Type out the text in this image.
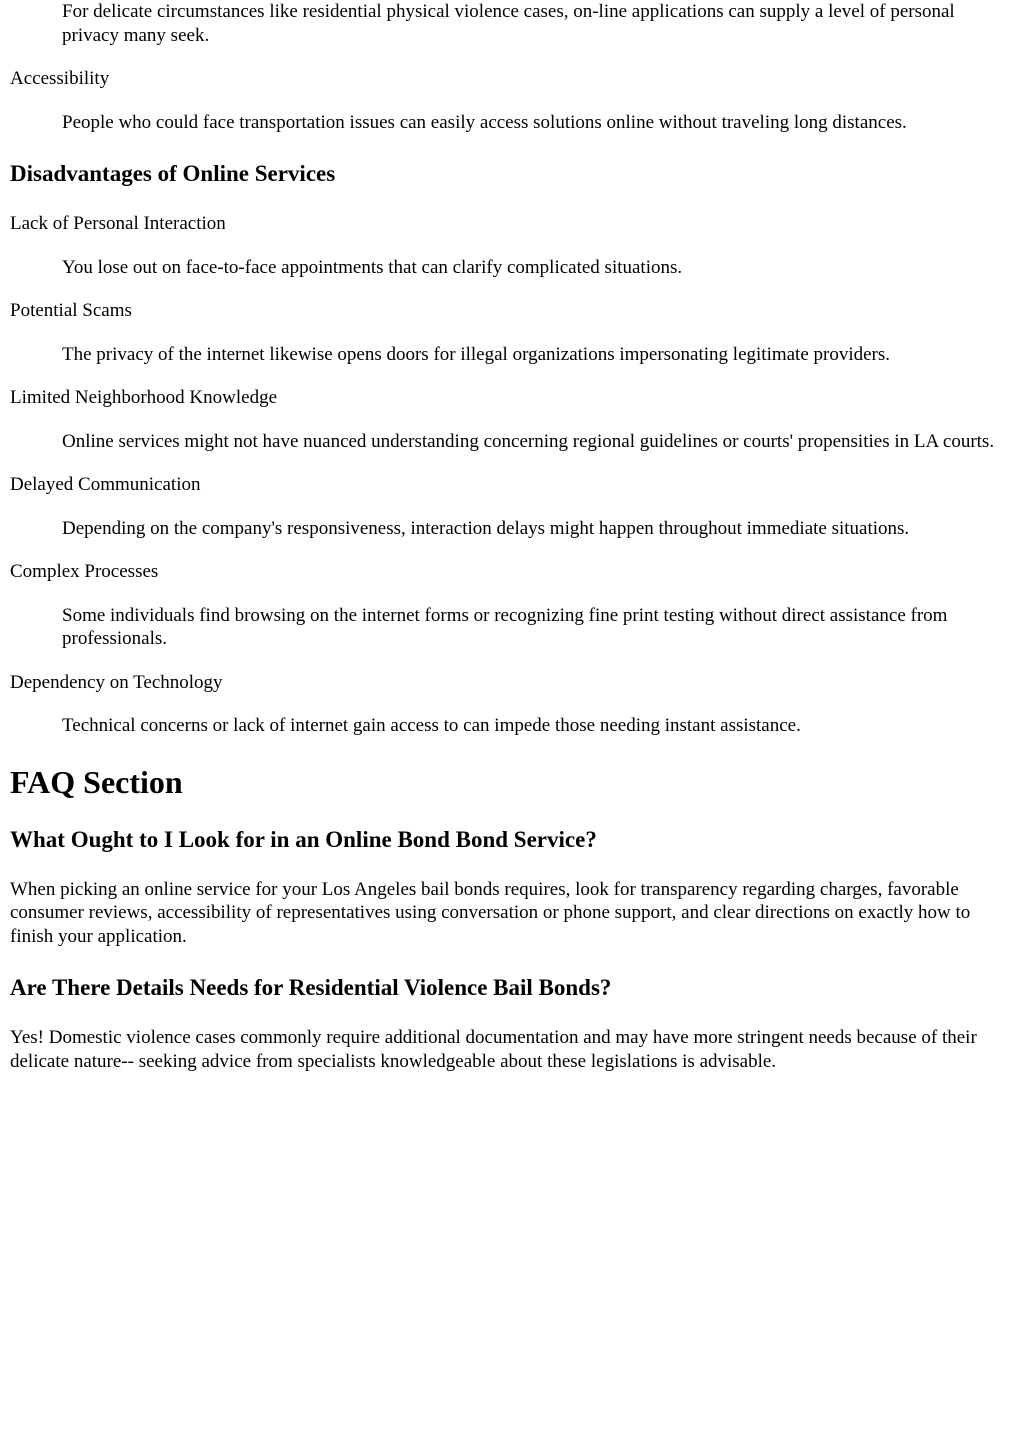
For delicate circumstances like residential physical violence cases, on-line applications can supply a level of personal privacy many seek.
Accessibility
People who could face transportation issues can easily access solutions online without traveling long distances.
Disadvantages of Online Services
Lack of Personal Interaction
You lose out on face-to-face appointments that can clarify complicated situations.
Potential Scams
The privacy of the internet likewise opens doors for illegal organizations impersonating legitimate providers.
Limited Neighborhood Knowledge
Online services might not have nuanced understanding concerning regional guidelines or courts' propensities in LA courts.
Delayed Communication
Depending on the company's responsiveness, interaction delays might happen throughout immediate situations.
Complex Processes
Some individuals find browsing on the internet forms or recognizing fine print testing without direct assistance from professionals.
Dependency on Technology
Technical concerns or lack of internet gain access to can impede those needing instant assistance.
FAQ Section
What Ought to I Look for in an Online Bond Bond Service?

When picking an online service for your Los Angeles bail bonds requires, look for transparency regarding charges, favorable consumer reviews, accessibility of representatives using conversation or phone support, and clear directions on exactly how to finish your application.

Are There Details Needs for Residential Violence Bail Bonds?

Yes! Domestic violence cases commonly require additional documentation and may have more stringent needs because of their delicate nature-- seeking advice from specialists knowledgeable about these legislations is advisable.
